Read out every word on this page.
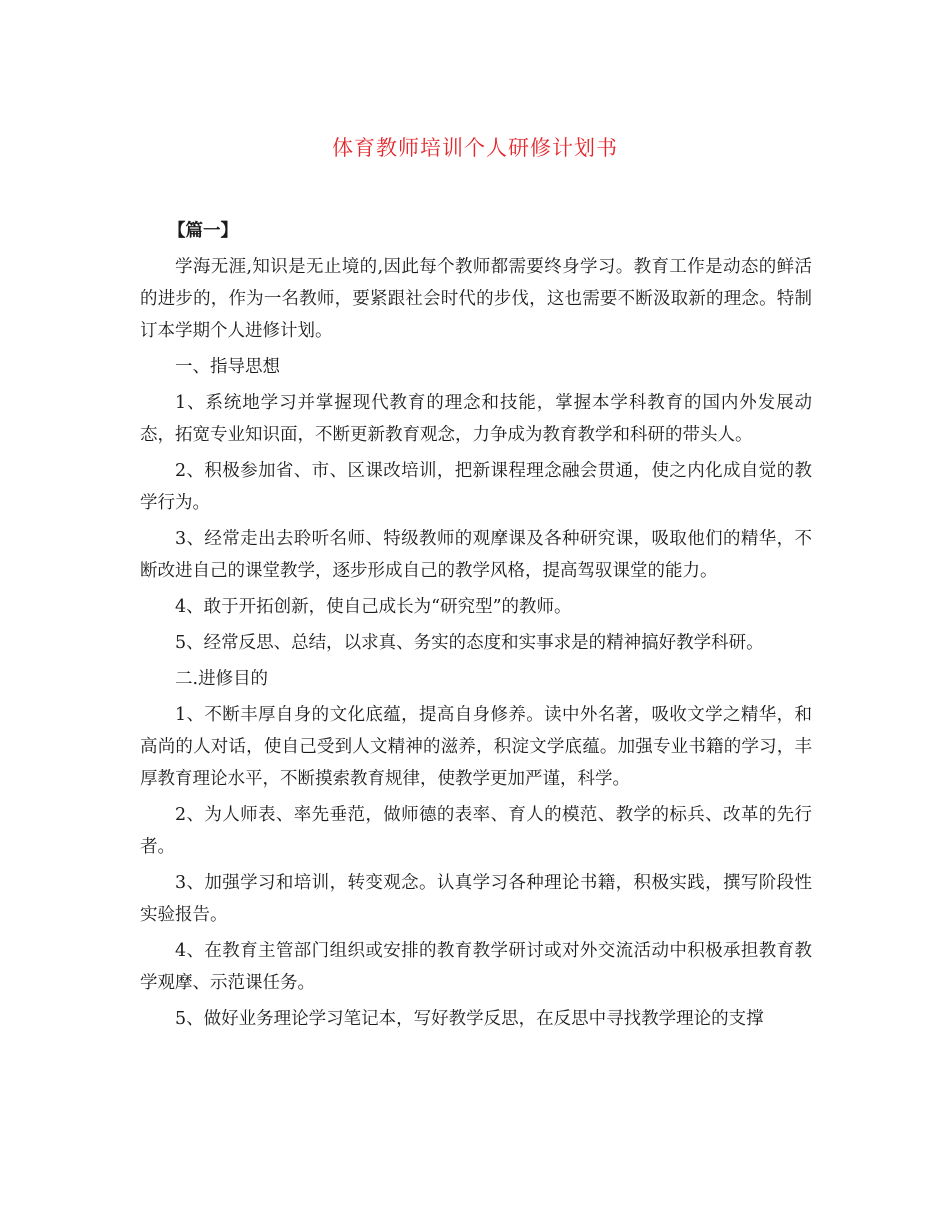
体育教师培训个人研修计划书
【篇一】

学海无涯,知识是无止境的,因此每个教师都需要终身学习。教育工作是动态的鲜活的进步的，作为一名教师，要紧跟社会时代的步伐，这也需要不断汲取新的理念。特制订本学期个人进修计划。

一、指导思想

1、系统地学习并掌握现代教育的理念和技能，掌握本学科教育的国内外发展动态，拓宽专业知识面，不断更新教育观念，力争成为教育教学和科研的带头人。

2、积极参加省、市、区课改培训，把新课程理念融会贯通，使之内化成自觉的教学行为。

3、经常走出去聆听名师、特级教师的观摩课及各种研究课，吸取他们的精华，不断改进自己的课堂教学，逐步形成自己的教学风格，提高驾驭课堂的能力。

4、敢于开拓创新，使自己成长为“研究型”的教师。

5、经常反思、总结，以求真、务实的态度和实事求是的精神搞好教学科研。

二.进修目的

1、不断丰厚自身的文化底蕴，提高自身修养。读中外名著，吸收文学之精华，和高尚的人对话，使自己受到人文精神的滋养，积淀文学底蕴。加强专业书籍的学习，丰厚教育理论水平，不断摸索教育规律，使教学更加严谨，科学。

2、为人师表、率先垂范，做师德的表率、育人的模范、教学的标兵、改革的先行者。

3、加强学习和培训，转变观念。认真学习各种理论书籍，积极实践，撰写阶段性实验报告。

4、在教育主管部门组织或安排的教育教学研讨或对外交流活动中积极承担教育教学观摩、示范课任务。

5、做好业务理论学习笔记本，写好教学反思，在反思中寻找教学理论的支撑
